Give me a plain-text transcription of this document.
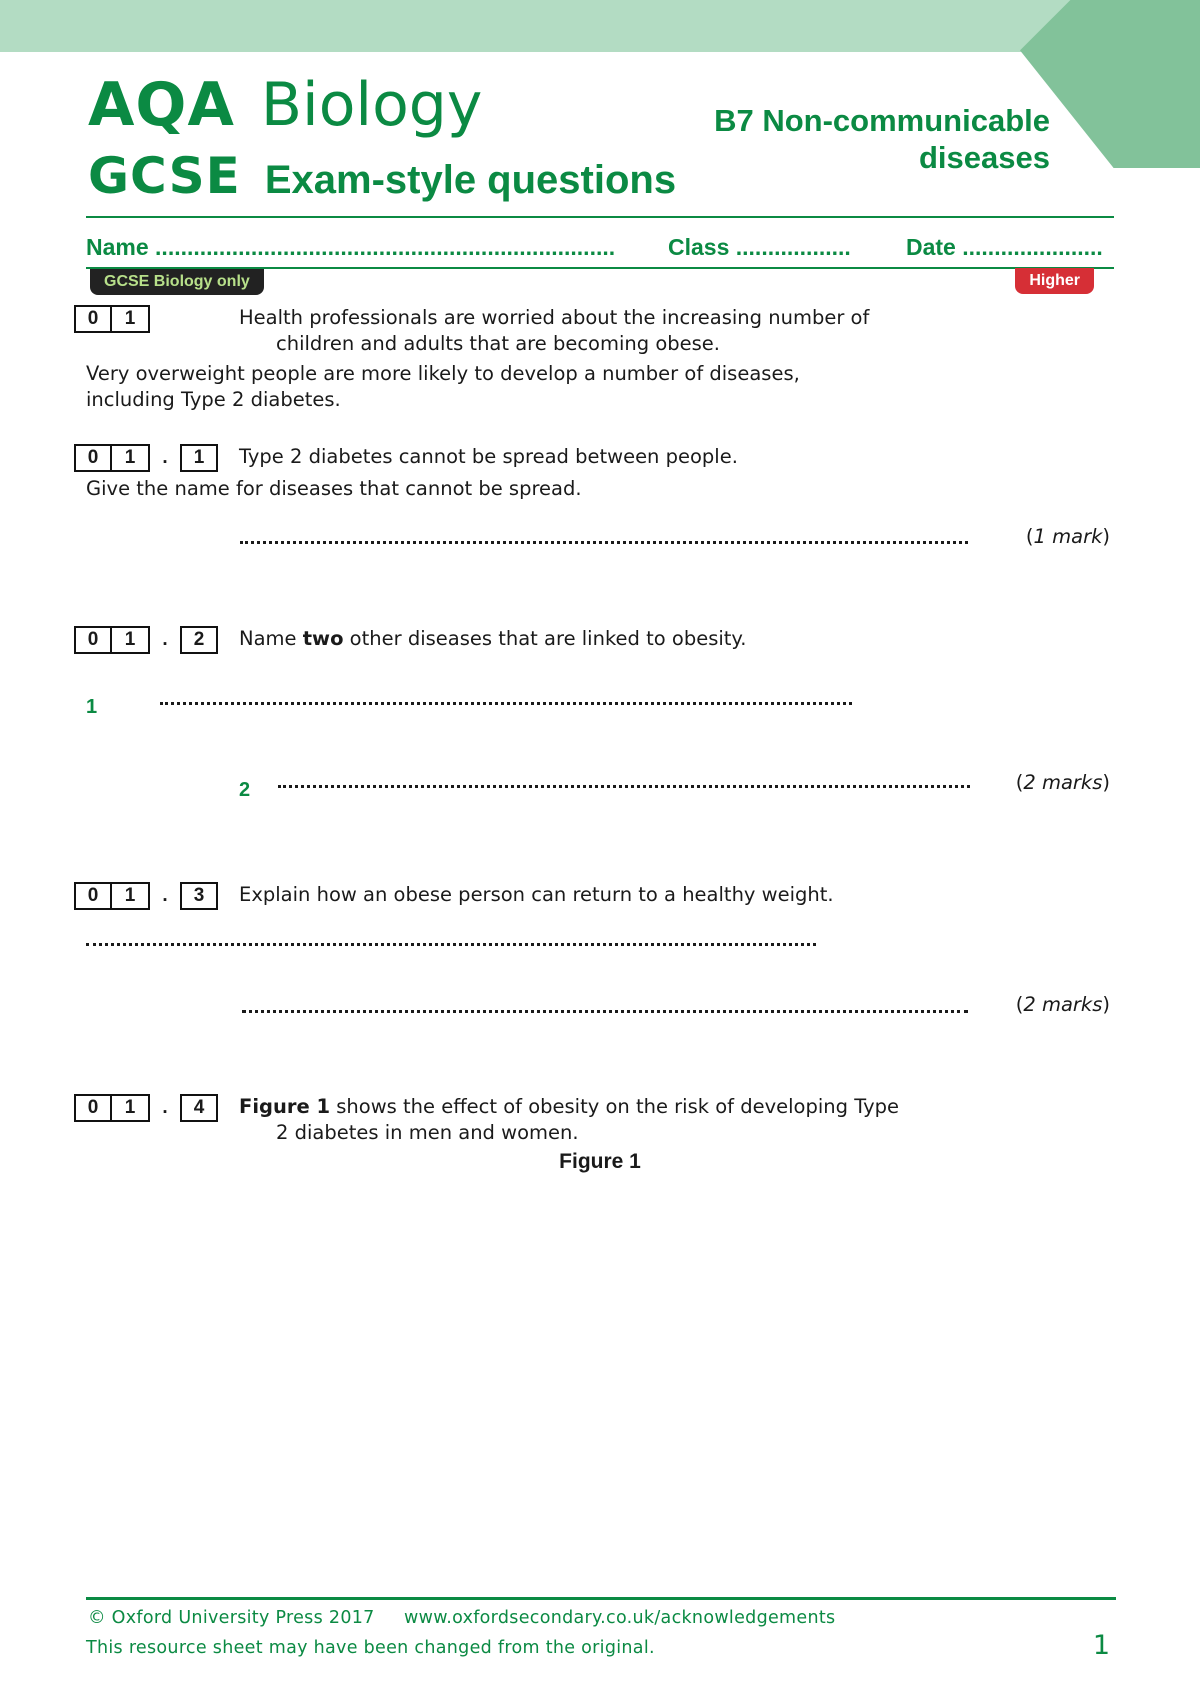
AQA Biology
GCSE Exam-style questions
B7 Non-communicable
diseases
Name ........................................................................ Class .................. Date ......................
GCSE Biology only	Higher
0	1	Health professionals are worried about the increasing number of
children and adults that are becoming obese.
Very overweight people are more likely to develop a number of diseases,
including Type 2 diabetes.
0	1	.	1	Type 2 diabetes cannot be spread between people.
Give the name for diseases that cannot be spread.
(1 mark)
0	1	.	2	Name two other diseases that are linked to obesity.
1
2	(2 marks)
0	1	.	3	Explain how an obese person can return to a healthy weight.
(2 marks)
0	1	.	4	Figure 1 shows the effect of obesity on the risk of developing Type
2 diabetes in men and women.
Figure 1
© Oxford University Press 2017 www.oxfordsecondary.co.uk/acknowledgements
This resource sheet may have been changed from the original.	1
